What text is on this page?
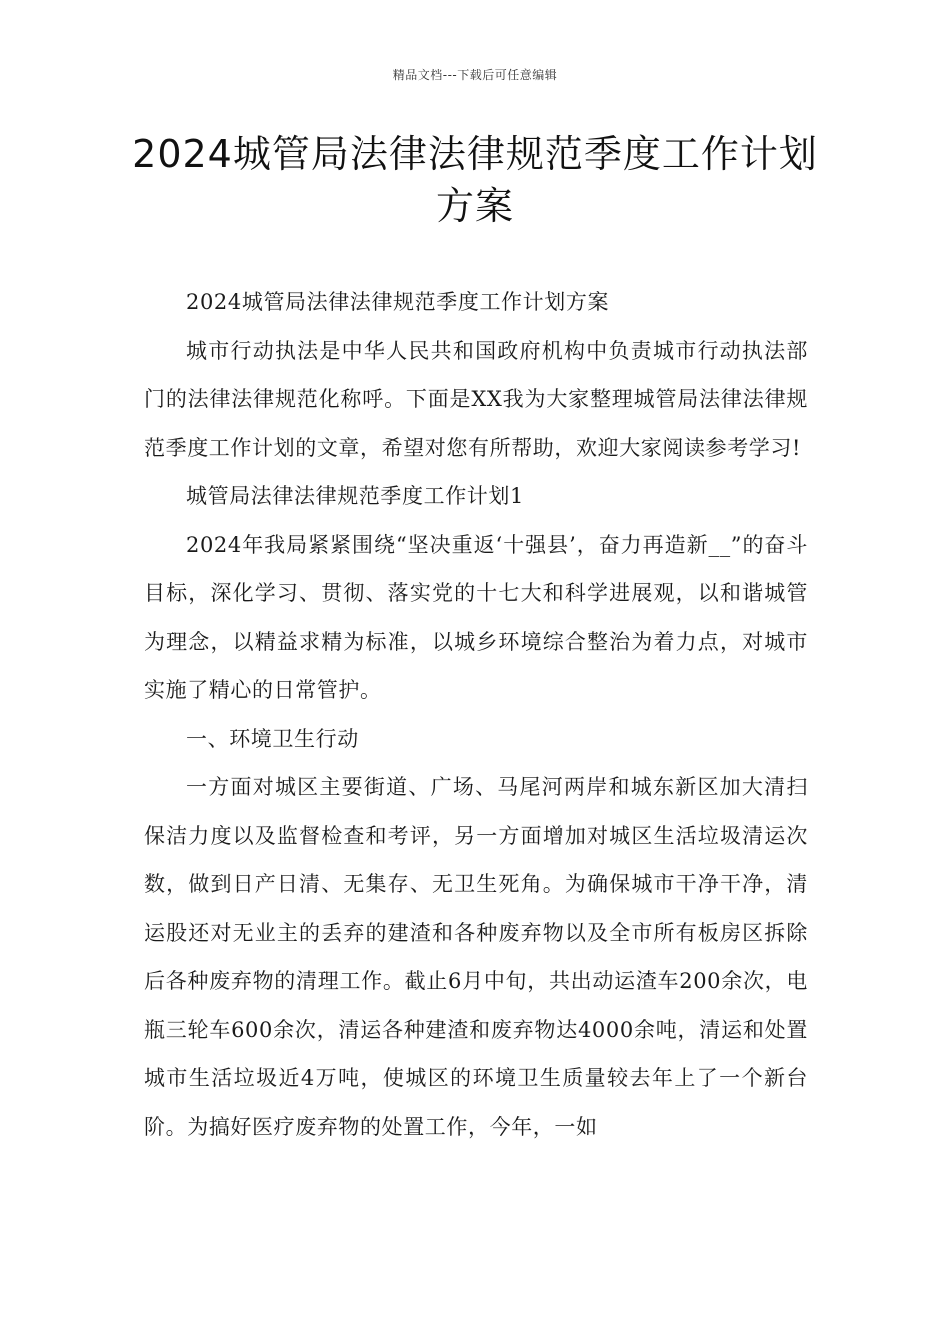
精品文档---下载后可任意编辑
2024城管局法律法律规范季度工作计划方案

2024城管局法律法律规范季度工作计划方案

城市行动执法是中华人民共和国政府机构中负责城市行动执法部门的法律法律规范化称呼。下面是XX我为大家整理城管局法律法律规范季度工作计划的文章，希望对您有所帮助，欢迎大家阅读参考学习!

城管局法律法律规范季度工作计划1

2024年我局紧紧围绕“坚决重返‘十强县’，奋力再造新__”的奋斗目标，深化学习、贯彻、落实党的十七大和科学进展观，以和谐城管为理念，以精益求精为标准，以城乡环境综合整治为着力点，对城市实施了精心的日常管护。

一、环境卫生行动

一方面对城区主要街道、广场、马尾河两岸和城东新区加大清扫保洁力度以及监督检查和考评，另一方面增加对城区生活垃圾清运次数，做到日产日清、无集存、无卫生死角。为确保城市干净干净，清运股还对无业主的丢弃的建渣和各种废弃物以及全市所有板房区拆除后各种废弃物的清理工作。截止6月中旬，共出动运渣车200余次，电瓶三轮车600余次，清运各种建渣和废弃物达4000余吨，清运和处置城市生活垃圾近4万吨，使城区的环境卫生质量较去年上了一个新台阶。为搞好医疗废弃物的处置工作，今年，一如
